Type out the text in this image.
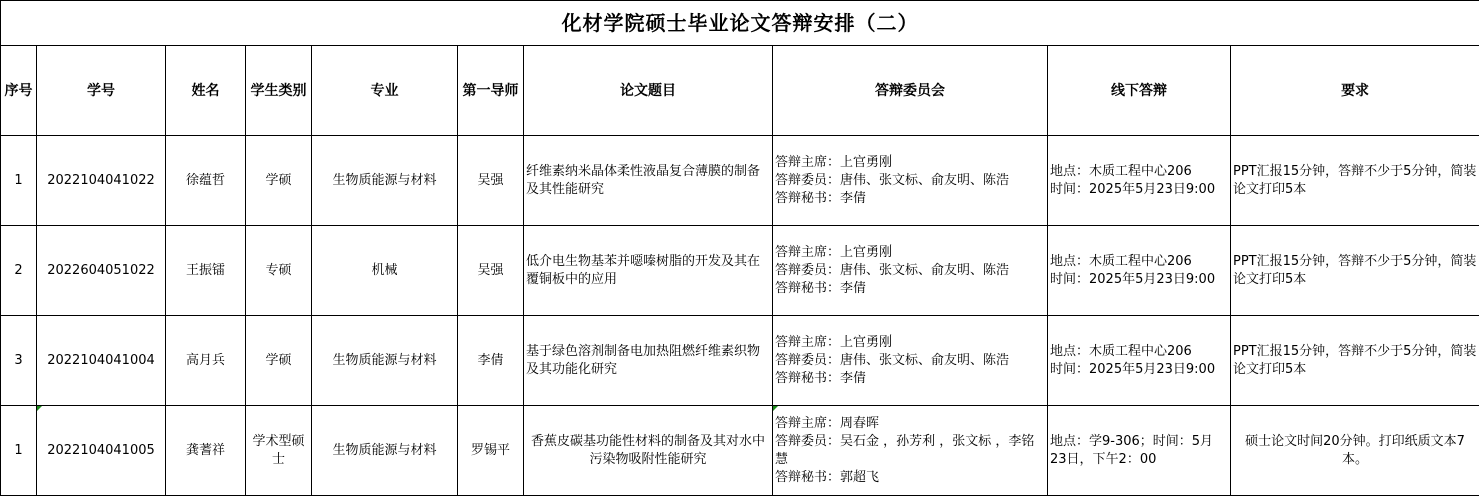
化材学院硕士毕业论文答辩安排（二）									
序号	学号	姓名	学生类别	专业	第一导师	论文题目	答辩委员会	线下答辩	要求
1	2022104041022	徐蕴哲	学硕	生物质能源与材料	吴强	纤维素纳米晶体柔性液晶复合薄膜的制备及其性能研究	答辩主席：上官勇刚
答辩委员：唐伟、张文标、俞友明、陈浩
答辩秘书：李倩	地点：木质工程中心206
时间：2025年5月23日9:00	PPT汇报15分钟，答辩不少于5分钟，简装论文打印5本
2	2022604051022	王振镭	专硕	机械	吴强	低介电生物基苯并噁嗪树脂的开发及其在覆铜板中的应用	答辩主席：上官勇刚
答辩委员：唐伟、张文标、俞友明、陈浩
答辩秘书：李倩	地点：木质工程中心206
时间：2025年5月23日9:00	PPT汇报15分钟，答辩不少于5分钟，简装论文打印5本
3	2022104041004	高月兵	学硕	生物质能源与材料	李倩	基于绿色溶剂制备电加热阻燃纤维素织物及其功能化研究	答辩主席：上官勇刚
答辩委员：唐伟、张文标、俞友明、陈浩
答辩秘书：李倩	地点：木质工程中心206
时间：2025年5月23日9:00	PPT汇报15分钟，答辩不少于5分钟，简装论文打印5本
1	2022104041005	龚蓍祥	学术型硕士	生物质能源与材料	罗锡平	香蕉皮碳基功能性材料的制备及其对水中污染物吸附性能研究	答辩主席：周春晖
答辩委员：吴石金 ，孙芳利 ，张文标 ，李铭慧
答辩秘书：郭超飞	地点：学9-306；时间：5月23日，下午2：00	硕士论文时间20分钟。打印纸质文本7本。
